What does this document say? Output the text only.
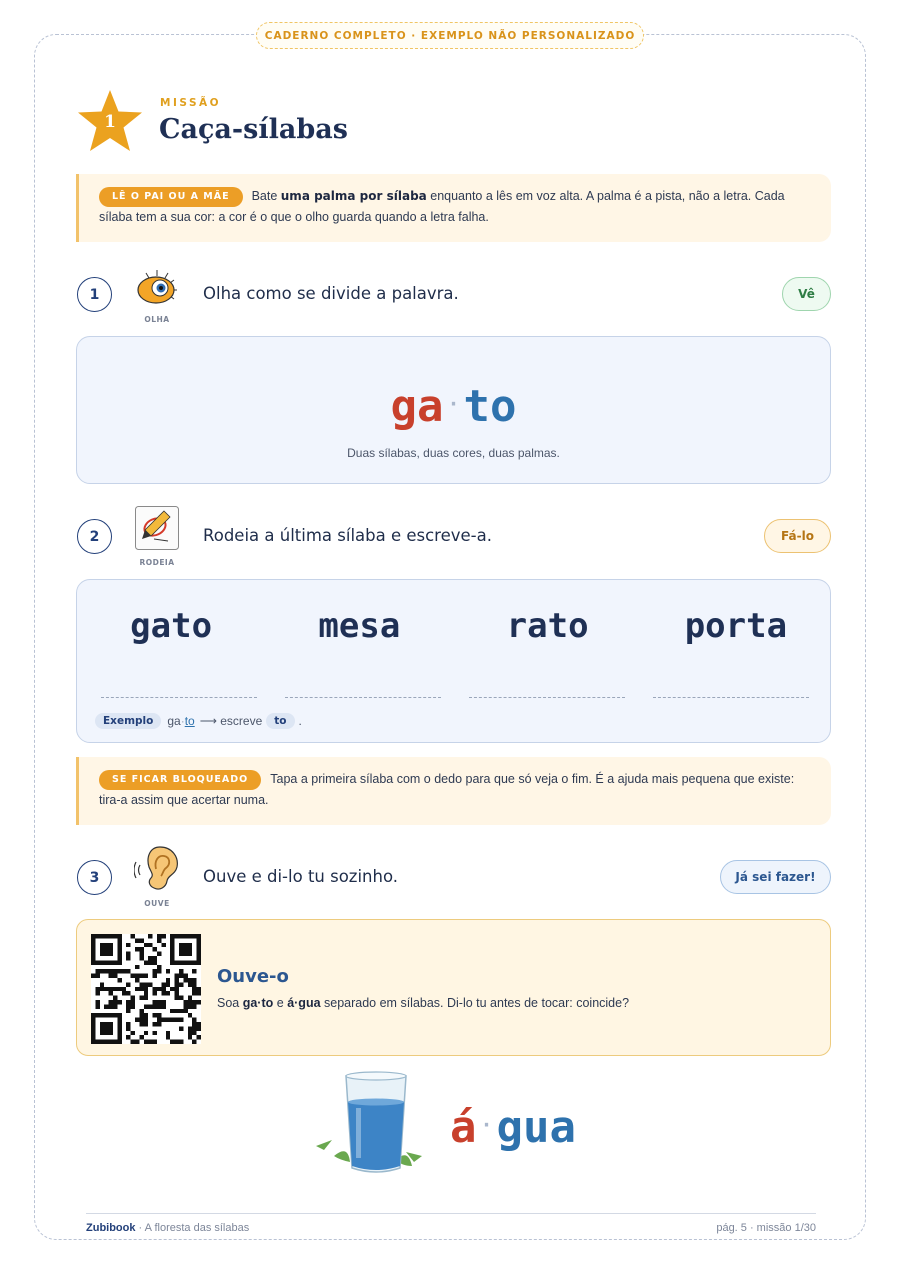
CADERNO COMPLETO · EXEMPLO NÃO PERSONALIZADO
1
MISSÃO
Caça-sílabas
LÊ O PAI OU A MÃE Bate uma palma por sílaba enquanto a lês em voz alta. A palma é a pista, não a letra. Cada sílaba tem a sua cor: a cor é o que o olho guarda quando a letra falha.
1
OLHA
Olha como se divide a palavra.	Vê
ga ·to
Duas sílabas, duas cores, duas palmas.
2
RODEIA
Rodeia a última sílaba e escreve-a.	Fá-lo
gato	mesa	rato	porta
Exemplo	ga · to ⟶ escreve	to	.
SE FICAR BLOQUEADO Tapa a primeira sílaba com o dedo para que só veja o fim. É a ajuda mais pequena que existe: tira-a assim que acertar numa.
3
OUVE
Ouve e di-lo tu sozinho.	Já sei fazer!
Ouve-o
Soa ga·to e á·gua separado em sílabas. Di-lo tu antes de tocar: coincide?
á ·gua
Zubibook · A floresta das sílabas	pág. 5 · missão 1/30
